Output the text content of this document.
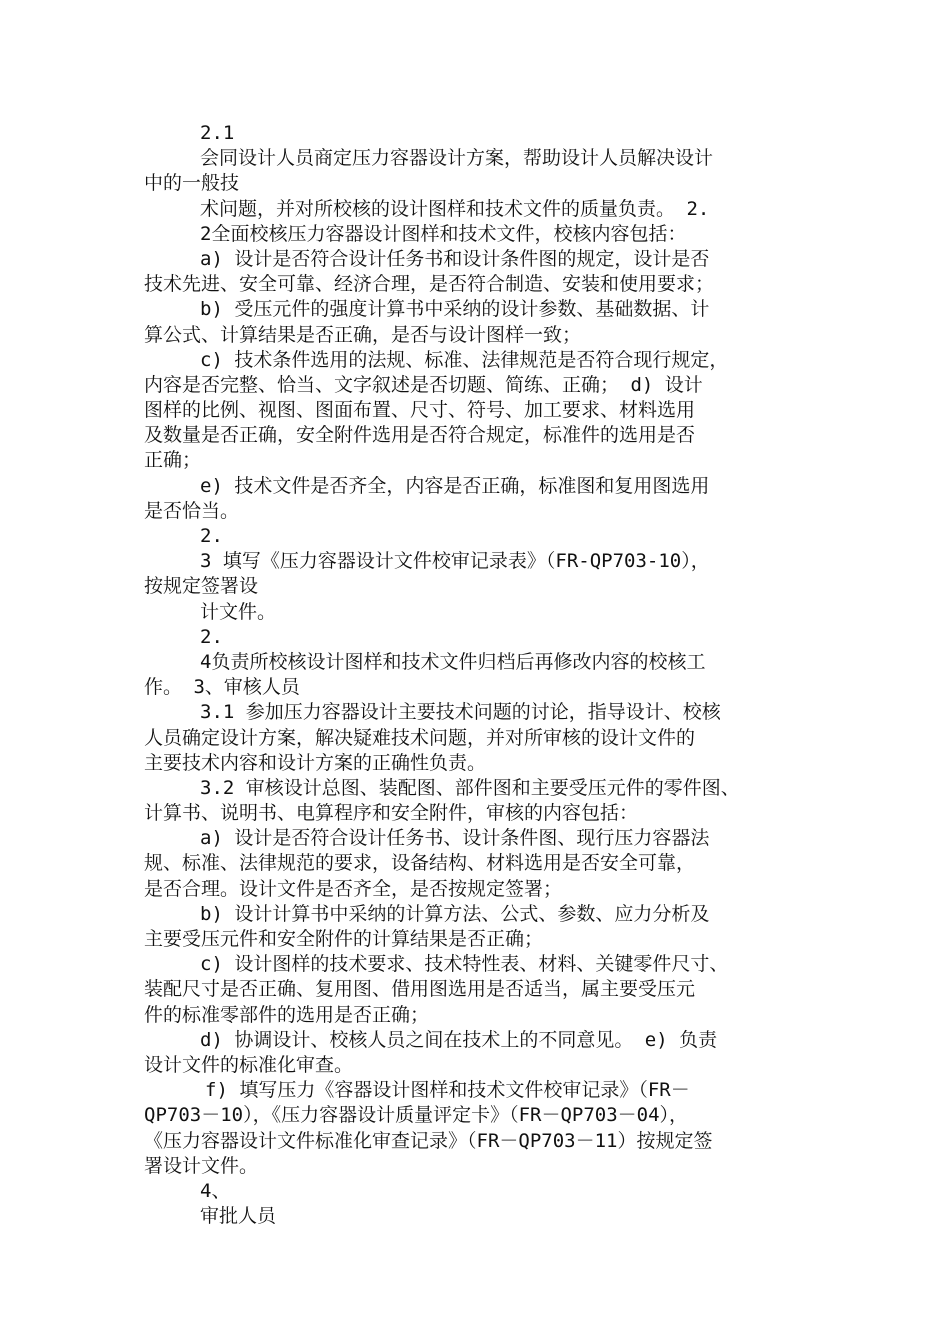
2.1
会同设计人员商定压力容器设计方案，帮助设计人员解决设计
中的一般技
术问题，并对所校核的设计图样和技术文件的质量负责。 2.
2全面校核压力容器设计图样和技术文件，校核内容包括：
a) 设计是否符合设计任务书和设计条件图的规定，设计是否
技术先进、安全可靠、经济合理，是否符合制造、安装和使用要求；
b) 受压元件的强度计算书中采纳的设计参数、基础数据、计
算公式、计算结果是否正确，是否与设计图样一致；
c) 技术条件选用的法规、标准、法律规范是否符合现行规定，
内容是否完整、恰当、文字叙述是否切题、简练、正确； d) 设计
图样的比例、视图、图面布置、尺寸、符号、加工要求、材料选用
及数量是否正确，安全附件选用是否符合规定，标准件的选用是否
正确；
e) 技术文件是否齐全，内容是否正确，标准图和复用图选用
是否恰当。
2.
3 填写《压力容器设计文件校审记录表》（FR-QP703-10），
按规定签署设
计文件。
2.
4负责所校核设计图样和技术文件归档后再修改内容的校核工
作。 3、审核人员
3.1 参加压力容器设计主要技术问题的讨论，指导设计、校核
人员确定设计方案，解决疑难技术问题，并对所审核的设计文件的
主要技术内容和设计方案的正确性负责。
3.2 审核设计总图、装配图、部件图和主要受压元件的零件图、
计算书、说明书、电算程序和安全附件，审核的内容包括：
a) 设计是否符合设计任务书、设计条件图、现行压力容器法
规、标准、法律规范的要求，设备结构、材料选用是否安全可靠，
是否合理。设计文件是否齐全，是否按规定签署；
b) 设计计算书中采纳的计算方法、公式、参数、应力分析及
主要受压元件和安全附件的计算结果是否正确；
c) 设计图样的技术要求、技术特性表、材料、关键零件尺寸、
装配尺寸是否正确、复用图、借用图选用是否适当，属主要受压元
件的标准零部件的选用是否正确；
d) 协调设计、校核人员之间在技术上的不同意见。 e) 负责
设计文件的标准化审查。
f) 填写压力《容器设计图样和技术文件校审记录》（FR－
QP703－10），《压力容器设计质量评定卡》（FR－QP703－04），
《压力容器设计文件标准化审查记录》（FR－QP703－11）按规定签
署设计文件。
4、
审批人员
